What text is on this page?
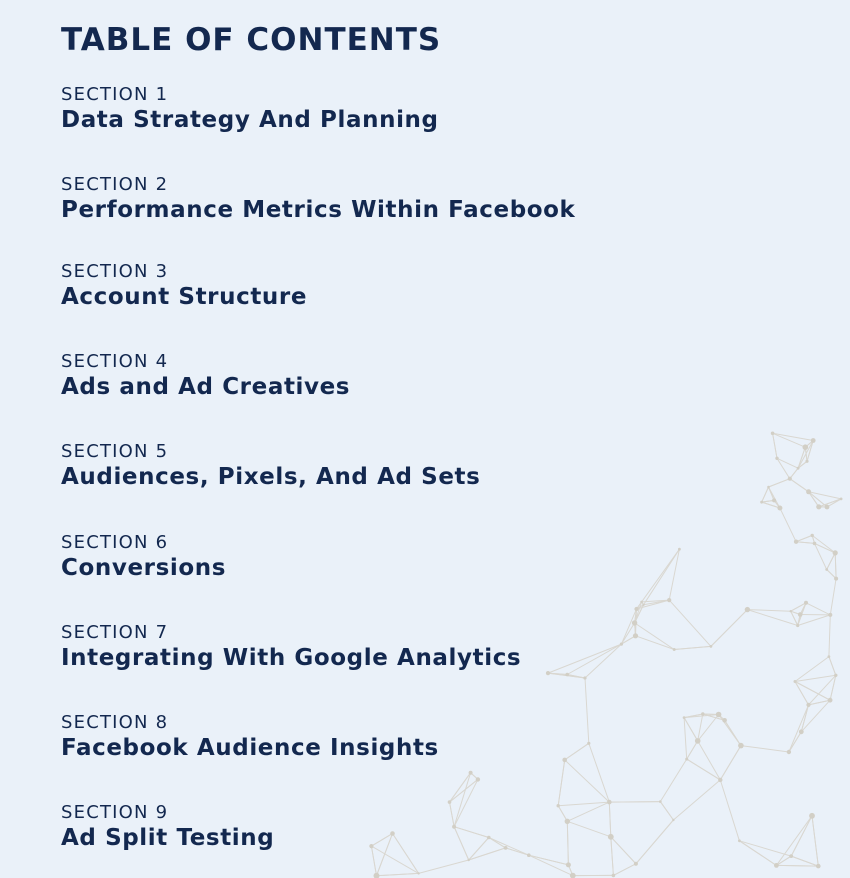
TABLE OF CONTENTS
SECTION 1
Data Strategy And Planning
SECTION 2
Performance Metrics Within Facebook
SECTION 3
Account Structure
SECTION 4
Ads and Ad Creatives
SECTION 5
Audiences, Pixels, And Ad Sets
SECTION 6
Conversions
SECTION 7
Integrating With Google Analytics
SECTION 8
Facebook Audience Insights
SECTION 9
Ad Split Testing
